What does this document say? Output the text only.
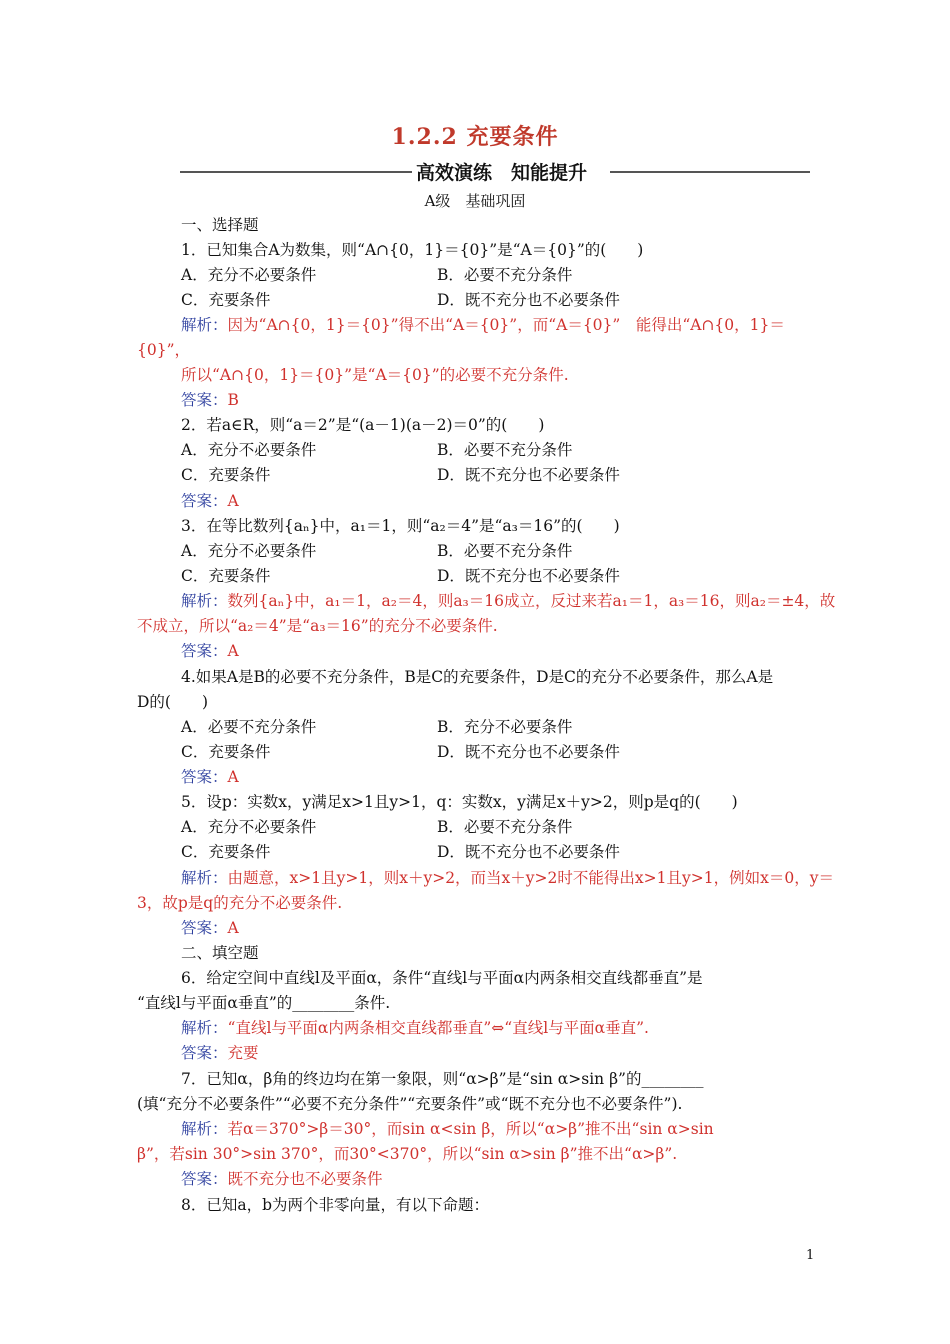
1.2.2 充要条件
高效演练　知能提升
A级　基础巩固
一、选择题
1．已知集合A为数集，则“A∩{0，1}＝{0}”是“A＝{0}”的(　　)
A．充分不必要条件	B．必要不充分条件
C．充要条件	D．既不充分也不必要条件
解析：因为“A∩{0，1}＝{0}”得不出“A＝{0}”，而“A＝{0}”　能得出“A∩{0，1}＝
{0}”，
所以“A∩{0，1}＝{0}”是“A＝{0}”的必要不充分条件.
答案：B
2．若a∈R，则“a＝2”是“(a－1)(a－2)＝0”的(　　)
A．充分不必要条件	B．必要不充分条件
C．充要条件	D．既不充分也不必要条件
答案：A
3．在等比数列{aₙ}中，a₁＝1，则“a₂＝4”是“a₃＝16”的(　　)
A．充分不必要条件	B．必要不充分条件
C．充要条件	D．既不充分也不必要条件
解析：数列{aₙ}中，a₁＝1，a₂＝4，则a₃＝16成立，反过来若a₁＝1，a₃＝16，则a₂＝±4，故
不成立，所以“a₂＝4”是“a₃＝16”的充分不必要条件.
答案：A
4.如果A是B的必要不充分条件，B是C的充要条件，D是C的充分不必要条件，那么A是
D的(　　)
A．必要不充分条件	B．充分不必要条件
C．充要条件	D．既不充分也不必要条件
答案：A
5．设p：实数x，y满足x>1且y>1，q：实数x，y满足x＋y>2，则p是q的(　　)
A．充分不必要条件	B．必要不充分条件
C．充要条件	D．既不充分也不必要条件
解析：由题意，x>1且y>1，则x＋y>2，而当x＋y>2时不能得出x>1且y>1，例如x＝0，y＝
3，故p是q的充分不必要条件.
答案：A
二、填空题
6．给定空间中直线l及平面α，条件“直线l与平面α内两条相交直线都垂直”是
“直线l与平面α垂直”的________条件.
解析：“直线l与平面α内两条相交直线都垂直”⇔“直线l与平面α垂直”.
答案：充要
7．已知α，β角的终边均在第一象限，则“α>β”是“sin α>sin β”的________
(填“充分不必要条件”“必要不充分条件”“充要条件”或“既不充分也不必要条件”).
解析：若α＝370°>β＝30°，而sin α<sin β，所以“α>β”推不出“sin α>sin
β”，若sin 30°>sin 370°，而30°<370°，所以“sin α>sin β”推不出“α>β”.
答案：既不充分也不必要条件
8．已知a，b为两个非零向量，有以下命题：
1
